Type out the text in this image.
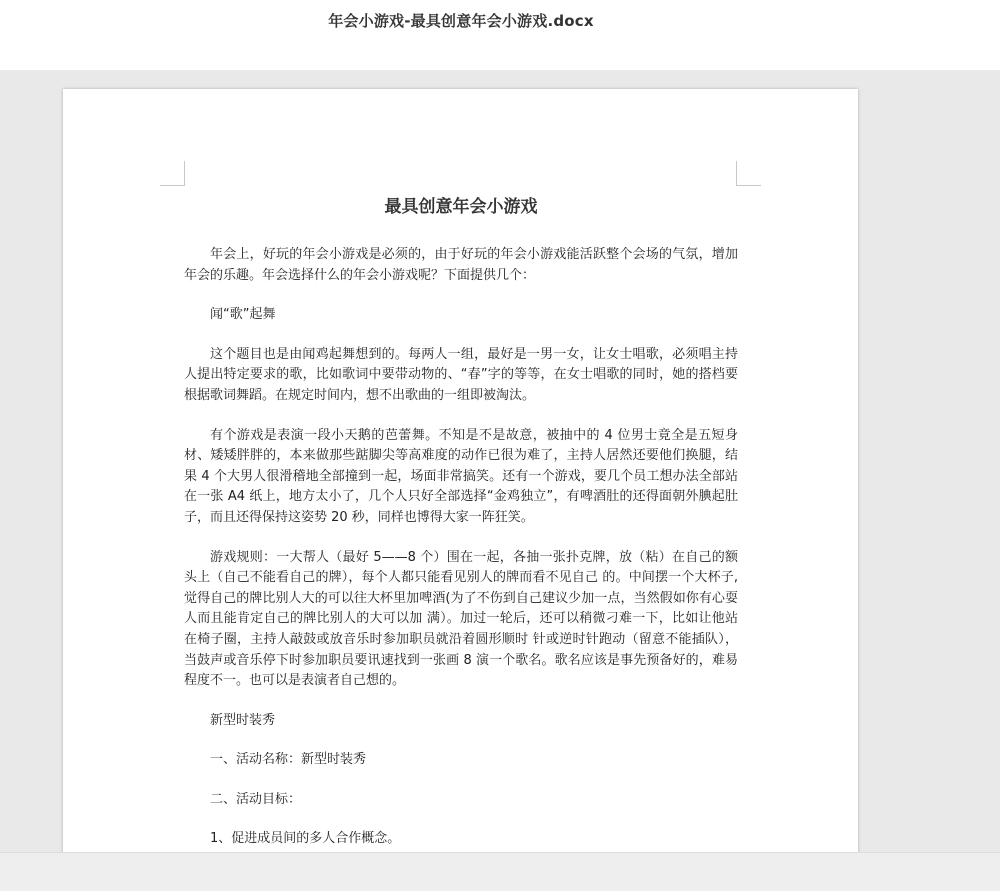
年会小游戏-最具创意年会小游戏.docx
最具创意年会小游戏

年会上，好玩的年会小游戏是必须的，由于好玩的年会小游戏能活跃整个会场的气氛，增加年会的乐趣。年会选择什么的年会小游戏呢？下面提供几个：

闻“歌”起舞

这个题目也是由闻鸡起舞想到的。每两人一组，最好是一男一女，让女士唱歌，必须唱主持人提出特定要求的歌，比如歌词中要带动物的、“春”字的等等，在女士唱歌的同时，她的搭档要根据歌词舞蹈。在规定时间内，想不出歌曲的一组即被淘汰。

有个游戏是表演一段小天鹅的芭蕾舞。不知是不是故意，被抽中的 4 位男士竟全是五短身材、矮矮胖胖的，本来做那些踮脚尖等高难度的动作已很为难了，主持人居然还要他们换腿，结果 4 个大男人很滑稽地全部撞到一起，场面非常搞笑。还有一个游戏，要几个员工想办法全部站在一张 A4 纸上，地方太小了，几个人只好全部选择“金鸡独立”，有啤酒肚的还得面朝外腆起肚子，而且还得保持这姿势 20 秒，同样也博得大家一阵狂笑。

游戏规则：一大帮人（最好 5——8 个）围在一起，各抽一张扑克牌，放（粘）在自己的额头上（自己不能看自己的牌），每个人都只能看见别人的牌而看不见自己 的。中间摆一个大杯子,觉得自己的牌比别人大的可以往大杯里加啤酒(为了不伤到自己建议少加一点，当然假如你有心耍人而且能肯定自己的牌比别人的大可以加 满）。加过一轮后，还可以稍微刁难一下，比如让他站在椅子圈，主持人敲鼓或放音乐时参加职员就沿着圆形顺时 针或逆时针跑动（留意不能插队），当鼓声或音乐停下时参加职员要讯速找到一张画 8 演一个歌名。歌名应该是事先预备好的，难易程度不一。也可以是表演者自己想的。

新型时装秀

一、活动名称：新型时装秀

二、活动目标：

1、促进成员间的多人合作概念。
